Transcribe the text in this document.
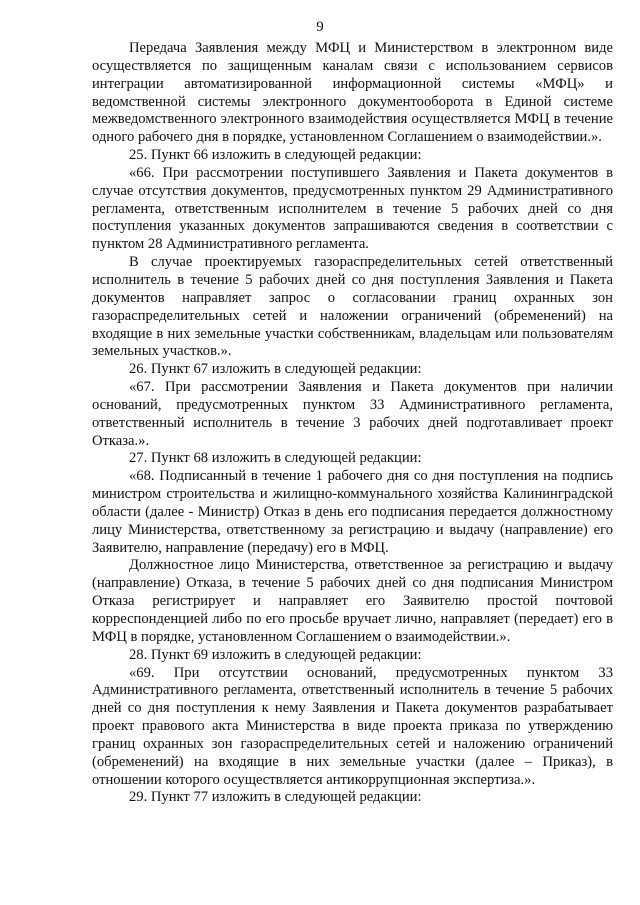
9

Передача Заявления между МФЦ и Министерством в электронном виде осуществляется по защищенным каналам связи с использованием сервисов интеграции автоматизированной информационной системы «МФЦ» и ведомственной системы электронного документооборота в Единой системе межведомственного электронного взаимодействия осуществляется МФЦ в течение одного рабочего дня в порядке, установленном Соглашением о взаимодействии.».

25. Пункт 66 изложить в следующей редакции:

«66. При рассмотрении поступившего Заявления и Пакета документов в случае отсутствия документов, предусмотренных пунктом 29 Административного регламента, ответственным исполнителем в течение 5 рабочих дней со дня поступления указанных документов запрашиваются сведения в соответствии с пунктом 28 Административного регламента.

В случае проектируемых газораспределительных сетей ответственный исполнитель в течение 5 рабочих дней со дня поступления Заявления и Пакета документов направляет запрос о согласовании границ охранных зон газораспределительных сетей и наложении ограничений (обременений) на входящие в них земельные участки собственникам, владельцам или пользователям земельных участков.».

26. Пункт 67 изложить в следующей редакции:

«67. При рассмотрении Заявления и Пакета документов при наличии оснований, предусмотренных пунктом 33 Административного регламента, ответственный исполнитель в течение 3 рабочих дней подготавливает проект Отказа.».

27. Пункт 68 изложить в следующей редакции:

«68. Подписанный в течение 1 рабочего дня со дня поступления на подпись министром строительства и жилищно-коммунального хозяйства Калининградской области (далее - Министр) Отказ в день его подписания передается должностному лицу Министерства, ответственному за регистрацию и выдачу (направление) его Заявителю, направление (передачу) его в МФЦ.

Должностное лицо Министерства, ответственное за регистрацию и выдачу (направление) Отказа, в течение 5 рабочих дней со дня подписания Министром Отказа регистрирует и направляет его Заявителю простой почтовой корреспонденцией либо по его просьбе вручает лично, направляет (передает) его в МФЦ в порядке, установленном Соглашением о взаимодействии.».

28. Пункт 69 изложить в следующей редакции:

«69. При отсутствии оснований, предусмотренных пунктом 33 Административного регламента, ответственный исполнитель в течение 5 рабочих дней со дня поступления к нему Заявления и Пакета документов разрабатывает проект правового акта Министерства в виде проекта приказа по утверждению границ охранных зон газораспределительных сетей и наложению ограничений (обременений) на входящие в них земельные участки (далее – Приказ), в отношении которого осуществляется антикоррупционная экспертиза.».

29. Пункт 77 изложить в следующей редакции:
